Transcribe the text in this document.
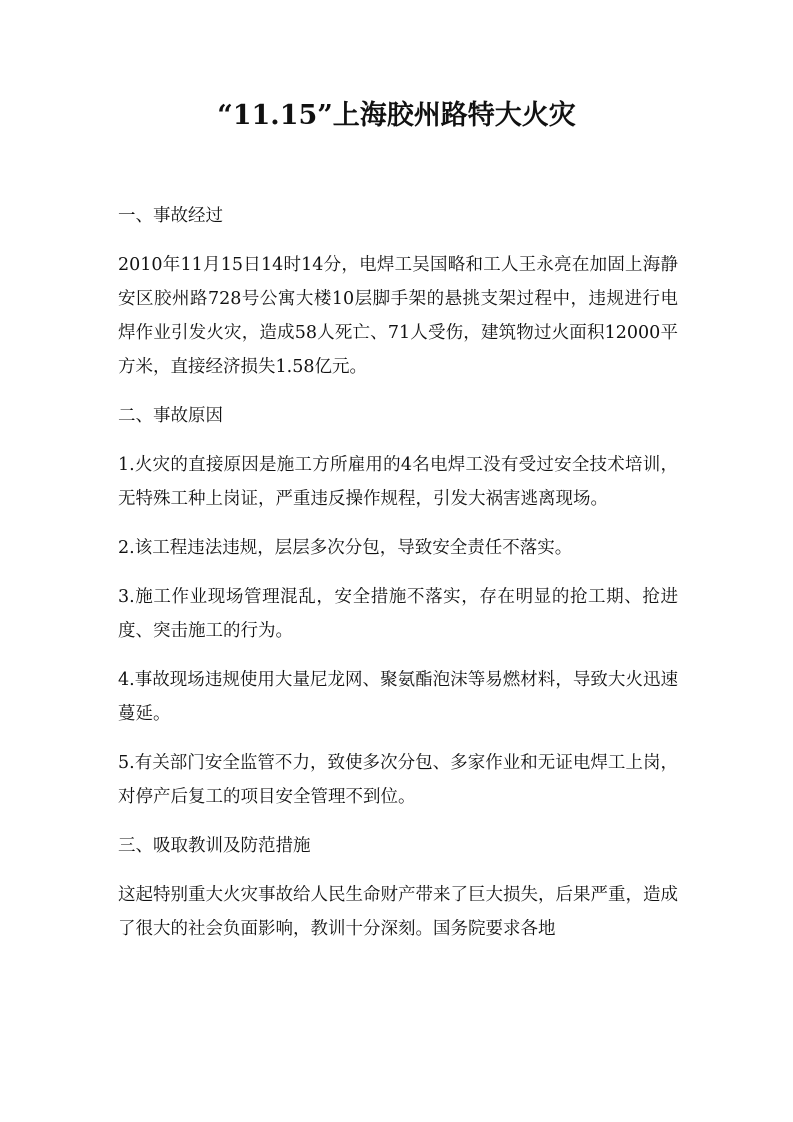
“11.15”上海胶州路特大火灾

一、事故经过

2010年11月15日14时14分，电焊工吴国略和工人王永亮在加固上海静安区胶州路728号公寓大楼10层脚手架的悬挑支架过程中，违规进行电焊作业引发火灾，造成58人死亡、71人受伤，建筑物过火面积12000平方米，直接经济损失1.58亿元。

二、事故原因

1.火灾的直接原因是施工方所雇用的4名电焊工没有受过安全技术培训，无特殊工种上岗证，严重违反操作规程，引发大祸害逃离现场。

2.该工程违法违规，层层多次分包，导致安全责任不落实。

3.施工作业现场管理混乱，安全措施不落实，存在明显的抢工期、抢进度、突击施工的行为。

4.事故现场违规使用大量尼龙网、聚氨酯泡沫等易燃材料，导致大火迅速蔓延。

5.有关部门安全监管不力，致使多次分包、多家作业和无证电焊工上岗，对停产后复工的项目安全管理不到位。

三、吸取教训及防范措施

这起特别重大火灾事故给人民生命财产带来了巨大损失，后果严重，造成了很大的社会负面影响，教训十分深刻。国务院要求各地
